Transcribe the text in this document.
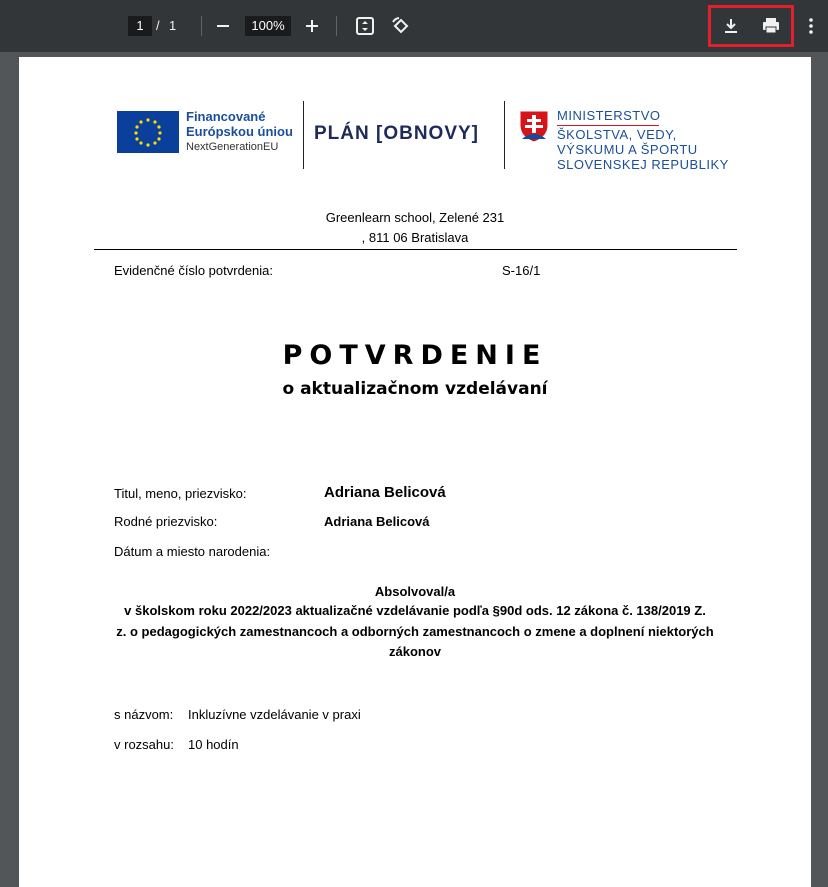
1 / 1	100%
Financované
Európskou úniou
NextGenerationEU
PLÁN [OBNOVY]
MINISTERSTVO
ŠKOLSTVA, VEDY,
VÝSKUMU A ŠPORTU
SLOVENSKEJ REPUBLIKY
Greenlearn school, Zelené 231
, 811 06 Bratislava
Evidenčné číslo potvrdenia:	S-16/1
POTVRDENIE
o aktualizačnom vzdelávaní
Titul, meno, priezvisko:	Adriana Belicová
Rodné priezvisko:	Adriana Belicová
Dátum a miesto narodenia:
Absolvoval/a
v školskom roku 2022/2023 aktualizačné vzdelávanie podľa §90d ods. 12 zákona č. 138/2019 Z.
z. o pedagogických zamestnancoch a odborných zamestnancoch o zmene a doplnení niektorých
zákonov
s názvom: Inkluzívne vzdelávanie v praxi
v rozsahu: 10 hodín
